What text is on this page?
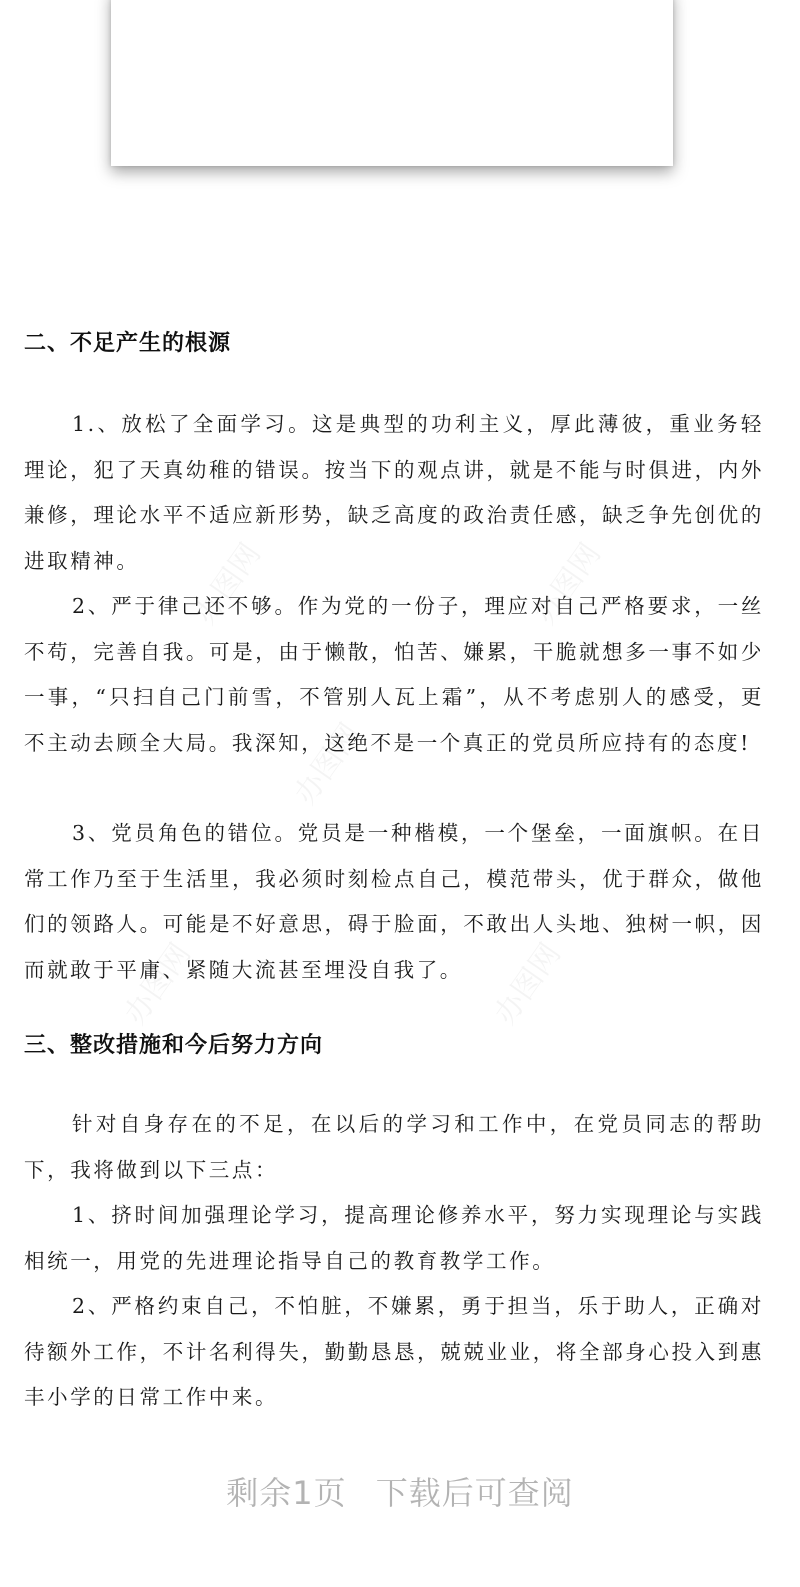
二、不足产生的根源

1.、放松了全面学习。这是典型的功利主义，厚此薄彼，重业务轻理论，犯了天真幼稚的错误。按当下的观点讲，就是不能与时俱进，内外兼修，理论水平不适应新形势，缺乏高度的政治责任感，缺乏争先创优的进取精神。

2、严于律己还不够。作为党的一份子，理应对自己严格要求，一丝不苟，完善自我。可是，由于懒散，怕苦、嫌累，干脆就想多一事不如少一事，“只扫自己门前雪，不管别人瓦上霜”，从不考虑别人的感受，更不主动去顾全大局。我深知，这绝不是一个真正的党员所应持有的态度!

3、党员角色的错位。党员是一种楷模，一个堡垒，一面旗帜。在日常工作乃至于生活里，我必须时刻检点自己，模范带头，优于群众，做他们的领路人。可能是不好意思，碍于脸面，不敢出人头地、独树一帜，因而就敢于平庸、紧随大流甚至埋没自我了。

三、整改措施和今后努力方向

针对自身存在的不足，在以后的学习和工作中，在党员同志的帮助下，我将做到以下三点：

1、挤时间加强理论学习，提高理论修养水平，努力实现理论与实践相统一，用党的先进理论指导自己的教育教学工作。

2、严格约束自己，不怕脏，不嫌累，勇于担当，乐于助人，正确对待额外工作，不计名利得失，勤勤恳恳，兢兢业业，将全部身心投入到惠丰小学的日常工作中来。

剩余1页 下载后可查阅
